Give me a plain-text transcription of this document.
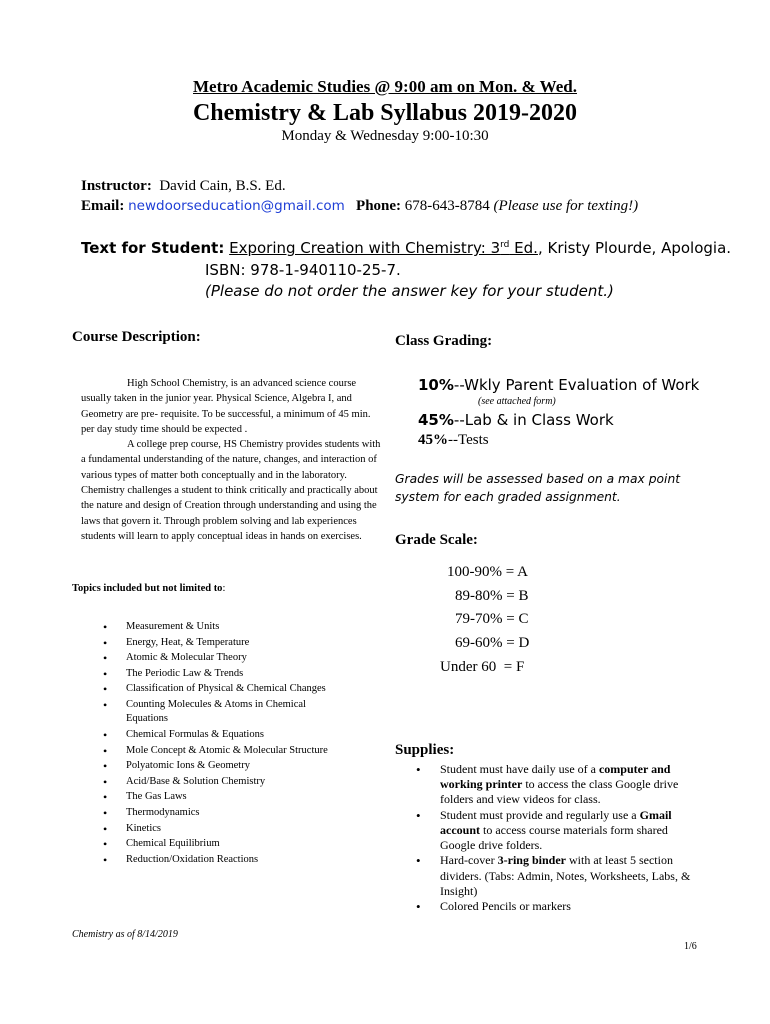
Metro Academic Studies @ 9:00 am on Mon. & Wed.
Chemistry & Lab Syllabus 2019-2020
Monday & Wednesday 9:00-10:30
Instructor: David Cain, B.S. Ed.
Email: newdoorseducation@gmail.com Phone: 678-643-8784 (Please use for texting!)
Text for Student: Exporing Creation with Chemistry: 3rd Ed., Kristy Plourde, Apologia.
ISBN: 978-1-940110-25-7.
(Please do not order the answer key for your student.)
Course Description:

High School Chemistry, is an advanced science course usually taken in the junior year. Physical Science, Algebra I, and Geometry are pre- requisite. To be successful, a minimum of 45 min. per day study time should be expected .

A college prep course, HS Chemistry provides students with a fundamental understanding of the nature, changes, and interaction of various types of matter both conceptually and in the laboratory. Chemistry challenges a student to think critically and practically about the nature and design of Creation through understanding and using the laws that govern it. Through problem solving and lab experiences students will learn to apply conceptual ideas in hands on exercises.

Topics included but not limited to:
• Measurement & Units
• Energy, Heat, & Temperature
• Atomic & Molecular Theory
• The Periodic Law & Trends
• Classification of Physical & Chemical Changes
• Counting Molecules & Atoms in Chemical Equations
• Chemical Formulas & Equations
• Mole Concept & Atomic & Molecular Structure
• Polyatomic Ions & Geometry
• Acid/Base & Solution Chemistry
• The Gas Laws
• Thermodynamics
• Kinetics
• Chemical Equilibrium
• Reduction/Oxidation Reactions
Class Grading:
10%--Wkly Parent Evaluation of Work
(see attached form)
45%--Lab & in Class Work
45%--Tests
Grades will be assessed based on a max point system for each graded assignment.
Grade Scale:
100-90% = A
89-80% = B
79-70% = C
69-60% = D
Under 60  = F
Supplies:
• Student must have daily use of a computer and working printer to access the class Google drive folders and view videos for class.
• Student must provide and regularly use a Gmail account to access course materials form shared Google drive folders.
• Hard-cover 3-ring binder with at least 5 section dividers. (Tabs: Admin, Notes, Worksheets, Labs, & Insight)
• Colored Pencils or markers
Chemistry as of 8/14/2019
1/6
